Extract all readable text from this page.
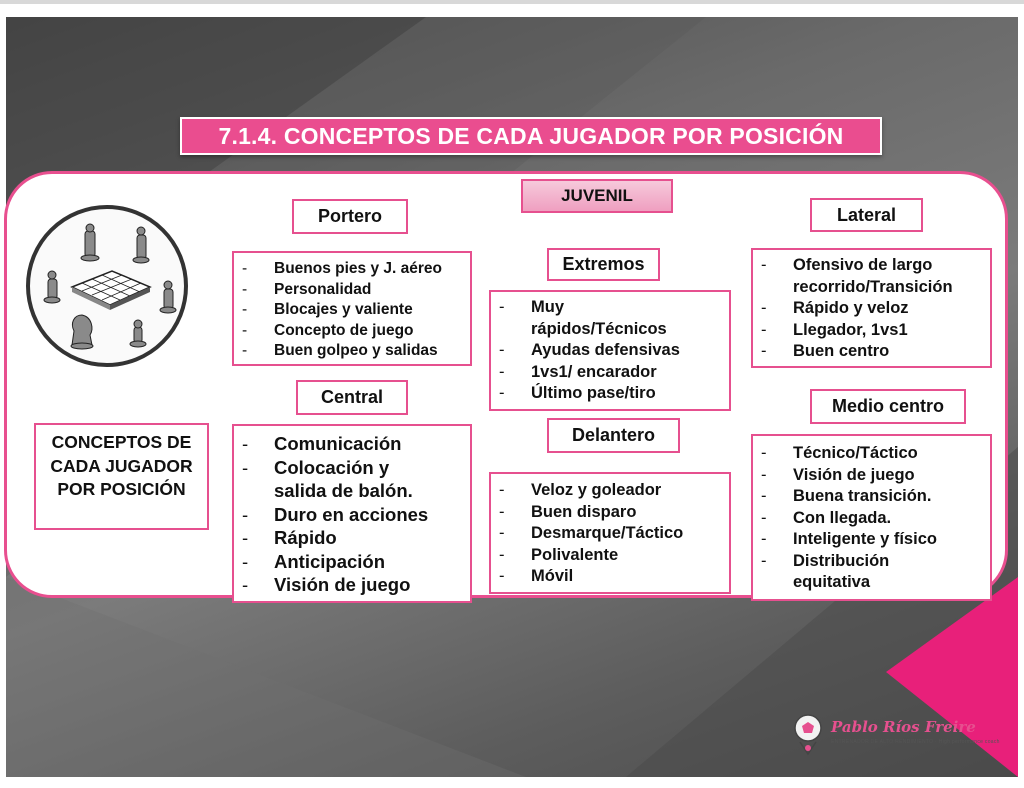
7.1.4. CONCEPTOS DE CADA JUGADOR POR POSICIÓN
CONCEPTOS DE CADA JUGADOR POR POSICIÓN
Portero
- Buenos pies y J. aéreo
- Personalidad
- Blocajes y valiente
- Concepto de juego
- Buen golpeo y salidas
Central
- Comunicación
- Colocación y salida de balón.
- Duro en acciones
- Rápido
- Anticipación
- Visión de juego
JUVENIL
Extremos
- Muy rápidos/Técnicos
- Ayudas defensivas
- 1vs1/ encarador
- Último pase/tiro
Delantero
- Veloz y goleador
- Buen disparo
- Desmarque/Táctico
- Polivalente
- Móvil
Lateral
- Ofensivo de largo recorrido/Transición
- Rápido y veloz
- Llegador, 1vs1
- Buen centro
Medio centro
- Técnico/Táctico
- Visión de juego
- Buena transición.
- Con llegada.
- Inteligente y físico
- Distribución equitativa
Pablo Ríos Freire
ENTRENADOR DE ALTO RENDIMIENTO · High performance coach
